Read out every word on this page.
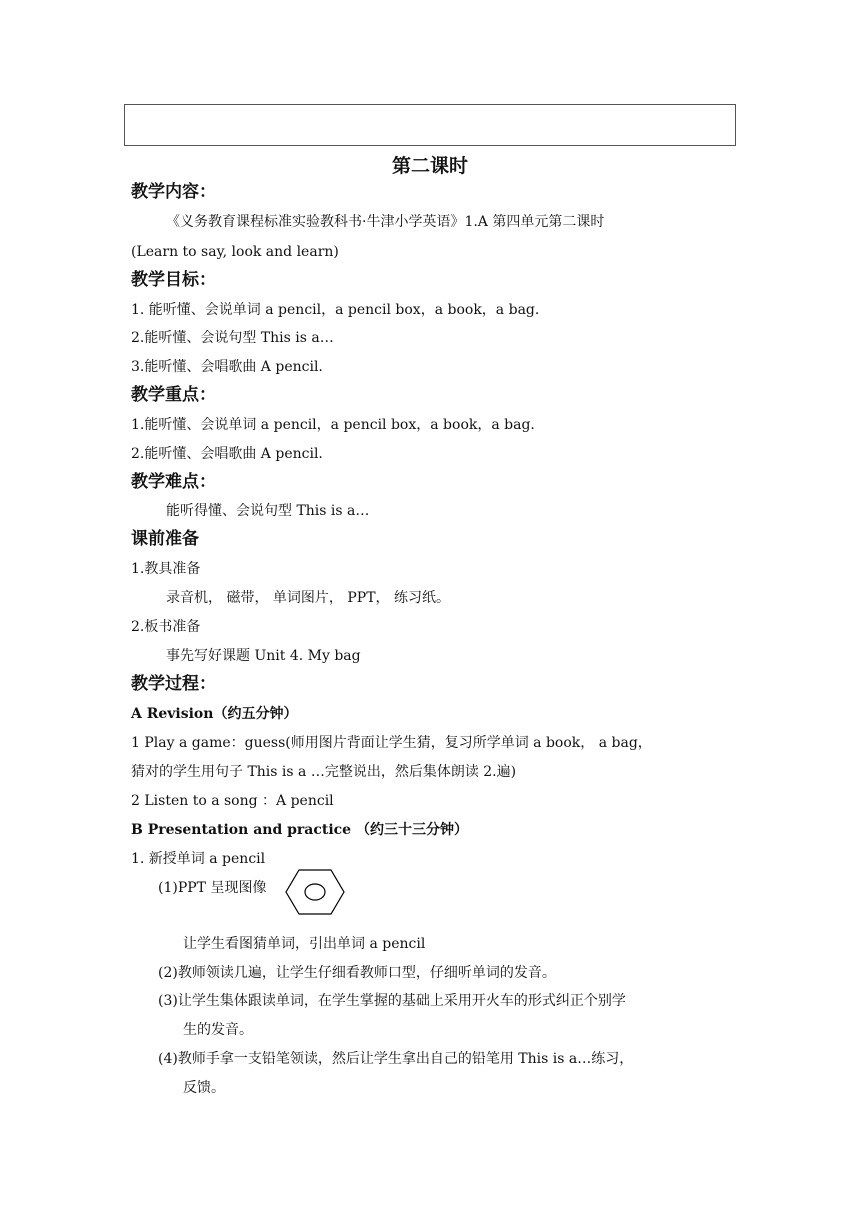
第二课时
教学内容：
《义务教育课程标准实验教科书·牛津小学英语》1.A 第四单元第二课时
(Learn to say, look and learn)
教学目标：
1. 能听懂、会说单词 a pencil，a pencil box，a book，a bag.
2.能听懂、会说句型 This is a…
3.能听懂、会唱歌曲 A pencil.
教学重点：
1.能听懂、会说单词 a pencil，a pencil box，a book，a bag.
2.能听懂、会唱歌曲 A pencil.
教学难点：
能听得懂、会说句型 This is a…
课前准备
1.教具准备
录音机， 磁带， 单词图片， PPT， 练习纸。
2.板书准备
事先写好课题 Unit 4. My bag
教学过程：
A Revision（约五分钟）
1 Play a game：guess(师用图片背面让学生猜，复习所学单词 a book， a bag，
猜对的学生用句子 This is a …完整说出，然后集体朗读 2.遍)
2 Listen to a song ：A pencil
B Presentation and practice （约三十三分钟）
1. 新授单词 a pencil
(1)PPT 呈现图像
让学生看图猜单词，引出单词 a pencil
(2)教师领读几遍，让学生仔细看教师口型，仔细听单词的发音。
(3)让学生集体跟读单词，在学生掌握的基础上采用开火车的形式纠正个别学
生的发音。
(4)教师手拿一支铅笔领读，然后让学生拿出自己的铅笔用 This is a…练习，
反馈。
